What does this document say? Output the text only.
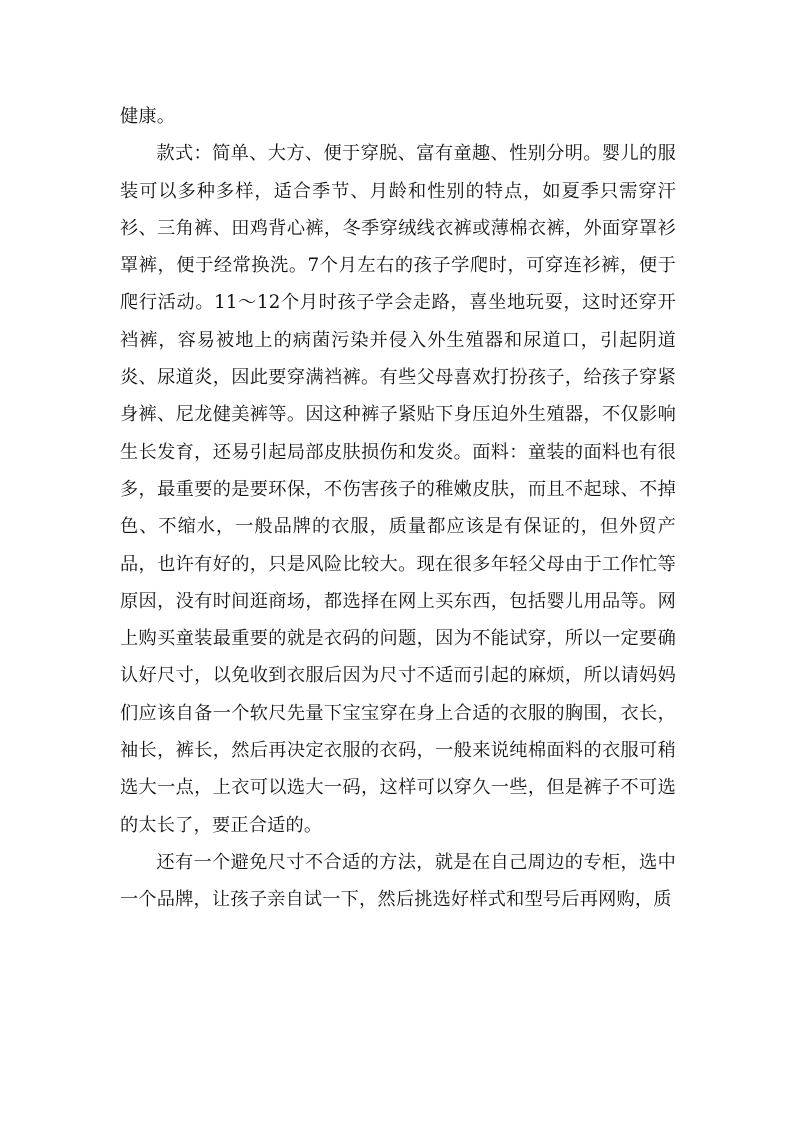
健康。

款式：简单、大方、便于穿脱、富有童趣、性别分明。婴儿的服装可以多种多样，适合季节、月龄和性别的特点，如夏季只需穿汗衫、三角裤、田鸡背心裤，冬季穿绒线衣裤或薄棉衣裤，外面穿罩衫罩裤，便于经常换洗。7个月左右的孩子学爬时，可穿连衫裤，便于爬行活动。11～12个月时孩子学会走路，喜坐地玩耍，这时还穿开裆裤，容易被地上的病菌污染并侵入外生殖器和尿道口，引起阴道炎、尿道炎，因此要穿满裆裤。有些父母喜欢打扮孩子，给孩子穿紧身裤、尼龙健美裤等。因这种裤子紧贴下身压迫外生殖器，不仅影响生长发育，还易引起局部皮肤损伤和发炎。面料：童装的面料也有很多，最重要的是要环保，不伤害孩子的稚嫩皮肤，而且不起球、不掉色、不缩水，一般品牌的衣服，质量都应该是有保证的，但外贸产品，也许有好的，只是风险比较大。现在很多年轻父母由于工作忙等原因，没有时间逛商场，都选择在网上买东西，包括婴儿用品等。网上购买童装最重要的就是衣码的问题，因为不能试穿，所以一定要确认好尺寸，以免收到衣服后因为尺寸不适而引起的麻烦，所以请妈妈们应该自备一个软尺先量下宝宝穿在身上合适的衣服的胸围，衣长，袖长，裤长，然后再决定衣服的衣码，一般来说纯棉面料的衣服可稍选大一点，上衣可以选大一码，这样可以穿久一些，但是裤子不可选的太长了，要正合适的。

还有一个避免尺寸不合适的方法，就是在自己周边的专柜，选中一个品牌，让孩子亲自试一下，然后挑选好样式和型号后再网购，质
